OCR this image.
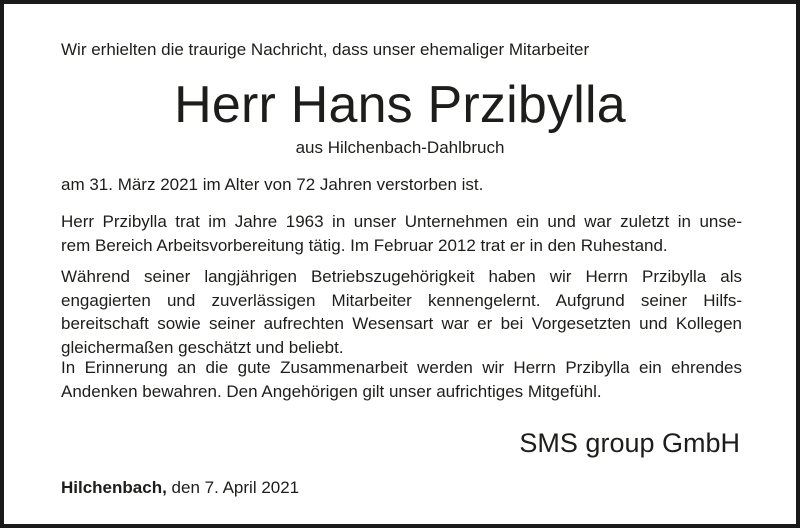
Wir erhielten die traurige Nachricht, dass unser ehemaliger Mitarbeiter
Herr Hans Przibylla
aus Hilchenbach-Dahlbruch
am 31. März 2021 im Alter von 72 Jahren verstorben ist.
Herr Przibylla trat im Jahre 1963 in unser Unternehmen ein und war zuletzt in unse-
rem Bereich Arbeitsvorbereitung tätig. Im Februar 2012 trat er in den Ruhestand.
Während seiner langjährigen Betriebszugehörigkeit haben wir Herrn Przibylla als
engagierten und zuverlässigen Mitarbeiter kennengelernt. Aufgrund seiner Hilfs-
bereitschaft sowie seiner aufrechten Wesensart war er bei Vorgesetzten und Kollegen
gleichermaßen geschätzt und beliebt.
In Erinnerung an die gute Zusammenarbeit werden wir Herrn Przibylla ein ehrendes
Andenken bewahren. Den Angehörigen gilt unser aufrichtiges Mitgefühl.
SMS group GmbH
Hilchenbach, den 7. April 2021
